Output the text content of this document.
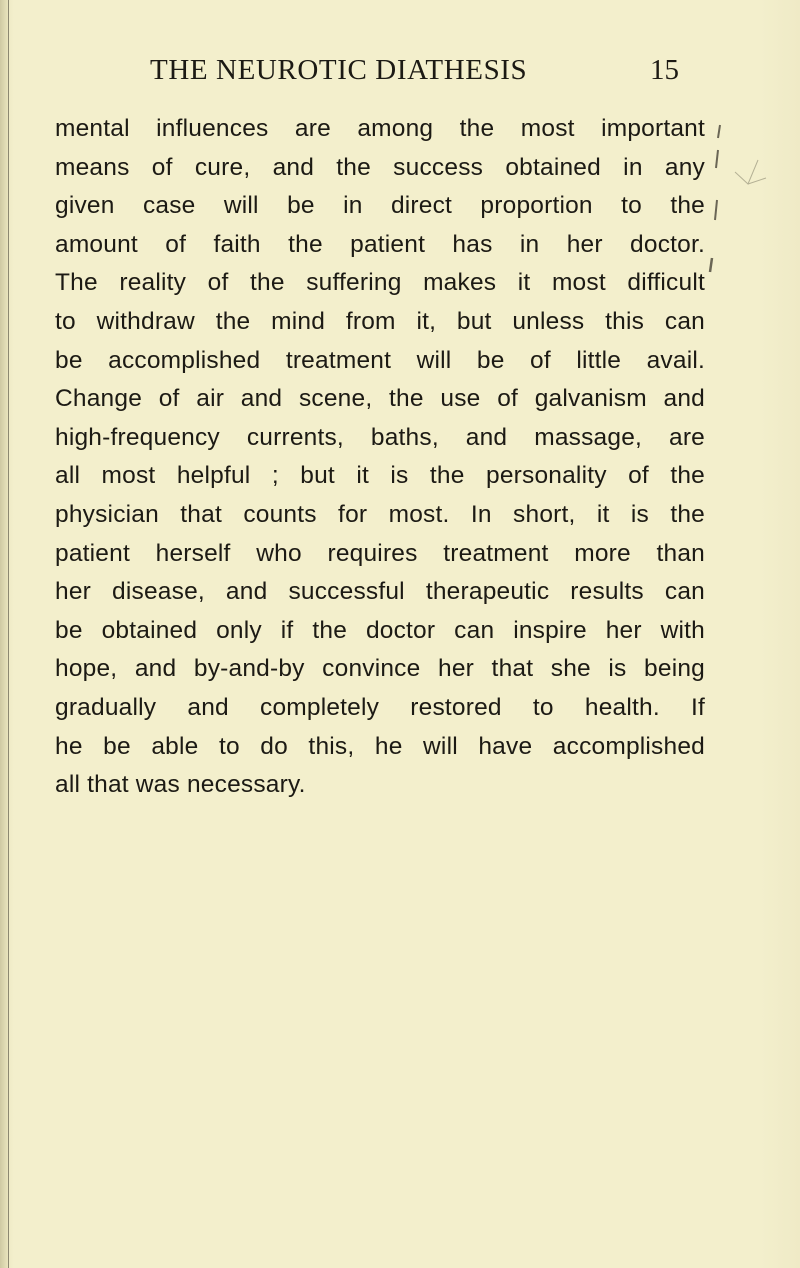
THE NEUROTIC DIATHESIS	15
mental influences are among the most important
means of cure, and the success obtained in any
given case will be in direct proportion to the
amount of faith the patient has in her doctor.
The reality of the suffering makes it most difficult
to withdraw the mind from it, but unless this can
be accomplished treatment will be of little avail.
Change of air and scene, the use of galvanism and
high-frequency currents, baths, and massage, are
all most helpful ; but it is the personality of the
physician that counts for most. In short, it is the
patient herself who requires treatment more than
her disease, and successful therapeutic results can
be obtained only if the doctor can inspire her with
hope, and by-and-by convince her that she is being
gradually and completely restored to health. If
he be able to do this, he will have accomplished
all that was necessary.
